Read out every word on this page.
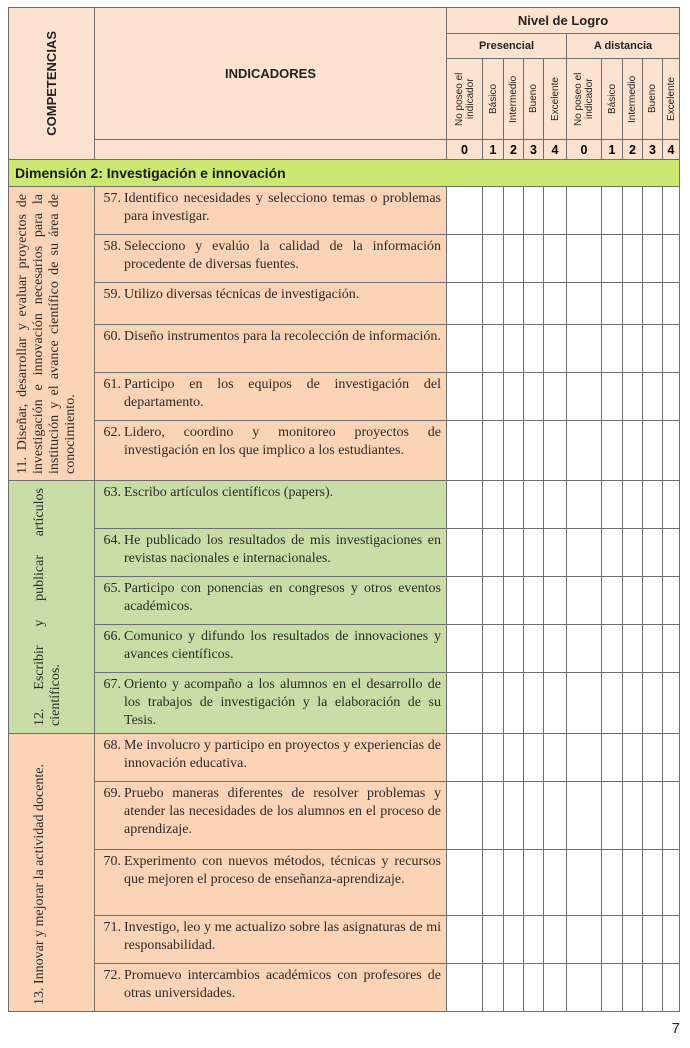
COMPETENCIAS	INDICADORES	Nivel de Logro									
		Presencial					A distancia				

		No poseo el indicador	Básico	Intermedio	Bueno	Excelente	No poseo el indicador	Básico	Intermedio	Bueno	Excelente

		0	1	2	3	4	0	1	2	3	4
Dimensión 2: Investigación e innovación											

11. Diseñar, desarrollar y evaluar proyectos de investigación e innovación necesarios para la institución y el avance científico de su área de conocimiento.	57. Identifico necesidades y selecciono temas o problemas para investigar.										

	58. Selecciono y evalúo la calidad de la información procedente de diversas fuentes.										

	59. Utilizo diversas técnicas de investigación.										

	60. Diseño instrumentos para la recolección de información.										

	61. Participo en los equipos de investigación del departamento.										

	62. Lidero, coordino y monitoreo proyectos de investigación en los que implico a los estudiantes.										

12. Escribir y publicar artículos científicos.	63. Escribo artículos científicos (papers).										

	64. He publicado los resultados de mis investigaciones en revistas nacionales e internacionales.										

	65. Participo con ponencias en congresos y otros eventos académicos.										

	66. Comunico y difundo los resultados de innovaciones y avances científicos.										

	67. Oriento y acompaño a los alumnos en el desarrollo de los trabajos de investigación y la elaboración de su Tesis.										

13. Innovar y mejorar la actividad docente.	68. Me involucro y participo en proyectos y experiencias de innovación educativa.										

	69. Pruebo maneras diferentes de resolver problemas y atender las necesidades de los alumnos en el proceso de aprendizaje.										

	70. Experimento con nuevos métodos, técnicas y recursos que mejoren el proceso de enseñanza-aprendizaje.										

	71. Investigo, leo y me actualizo sobre las asignaturas de mi responsabilidad.										

	72. Promuevo intercambios académicos con profesores de otras universidades.										

7
